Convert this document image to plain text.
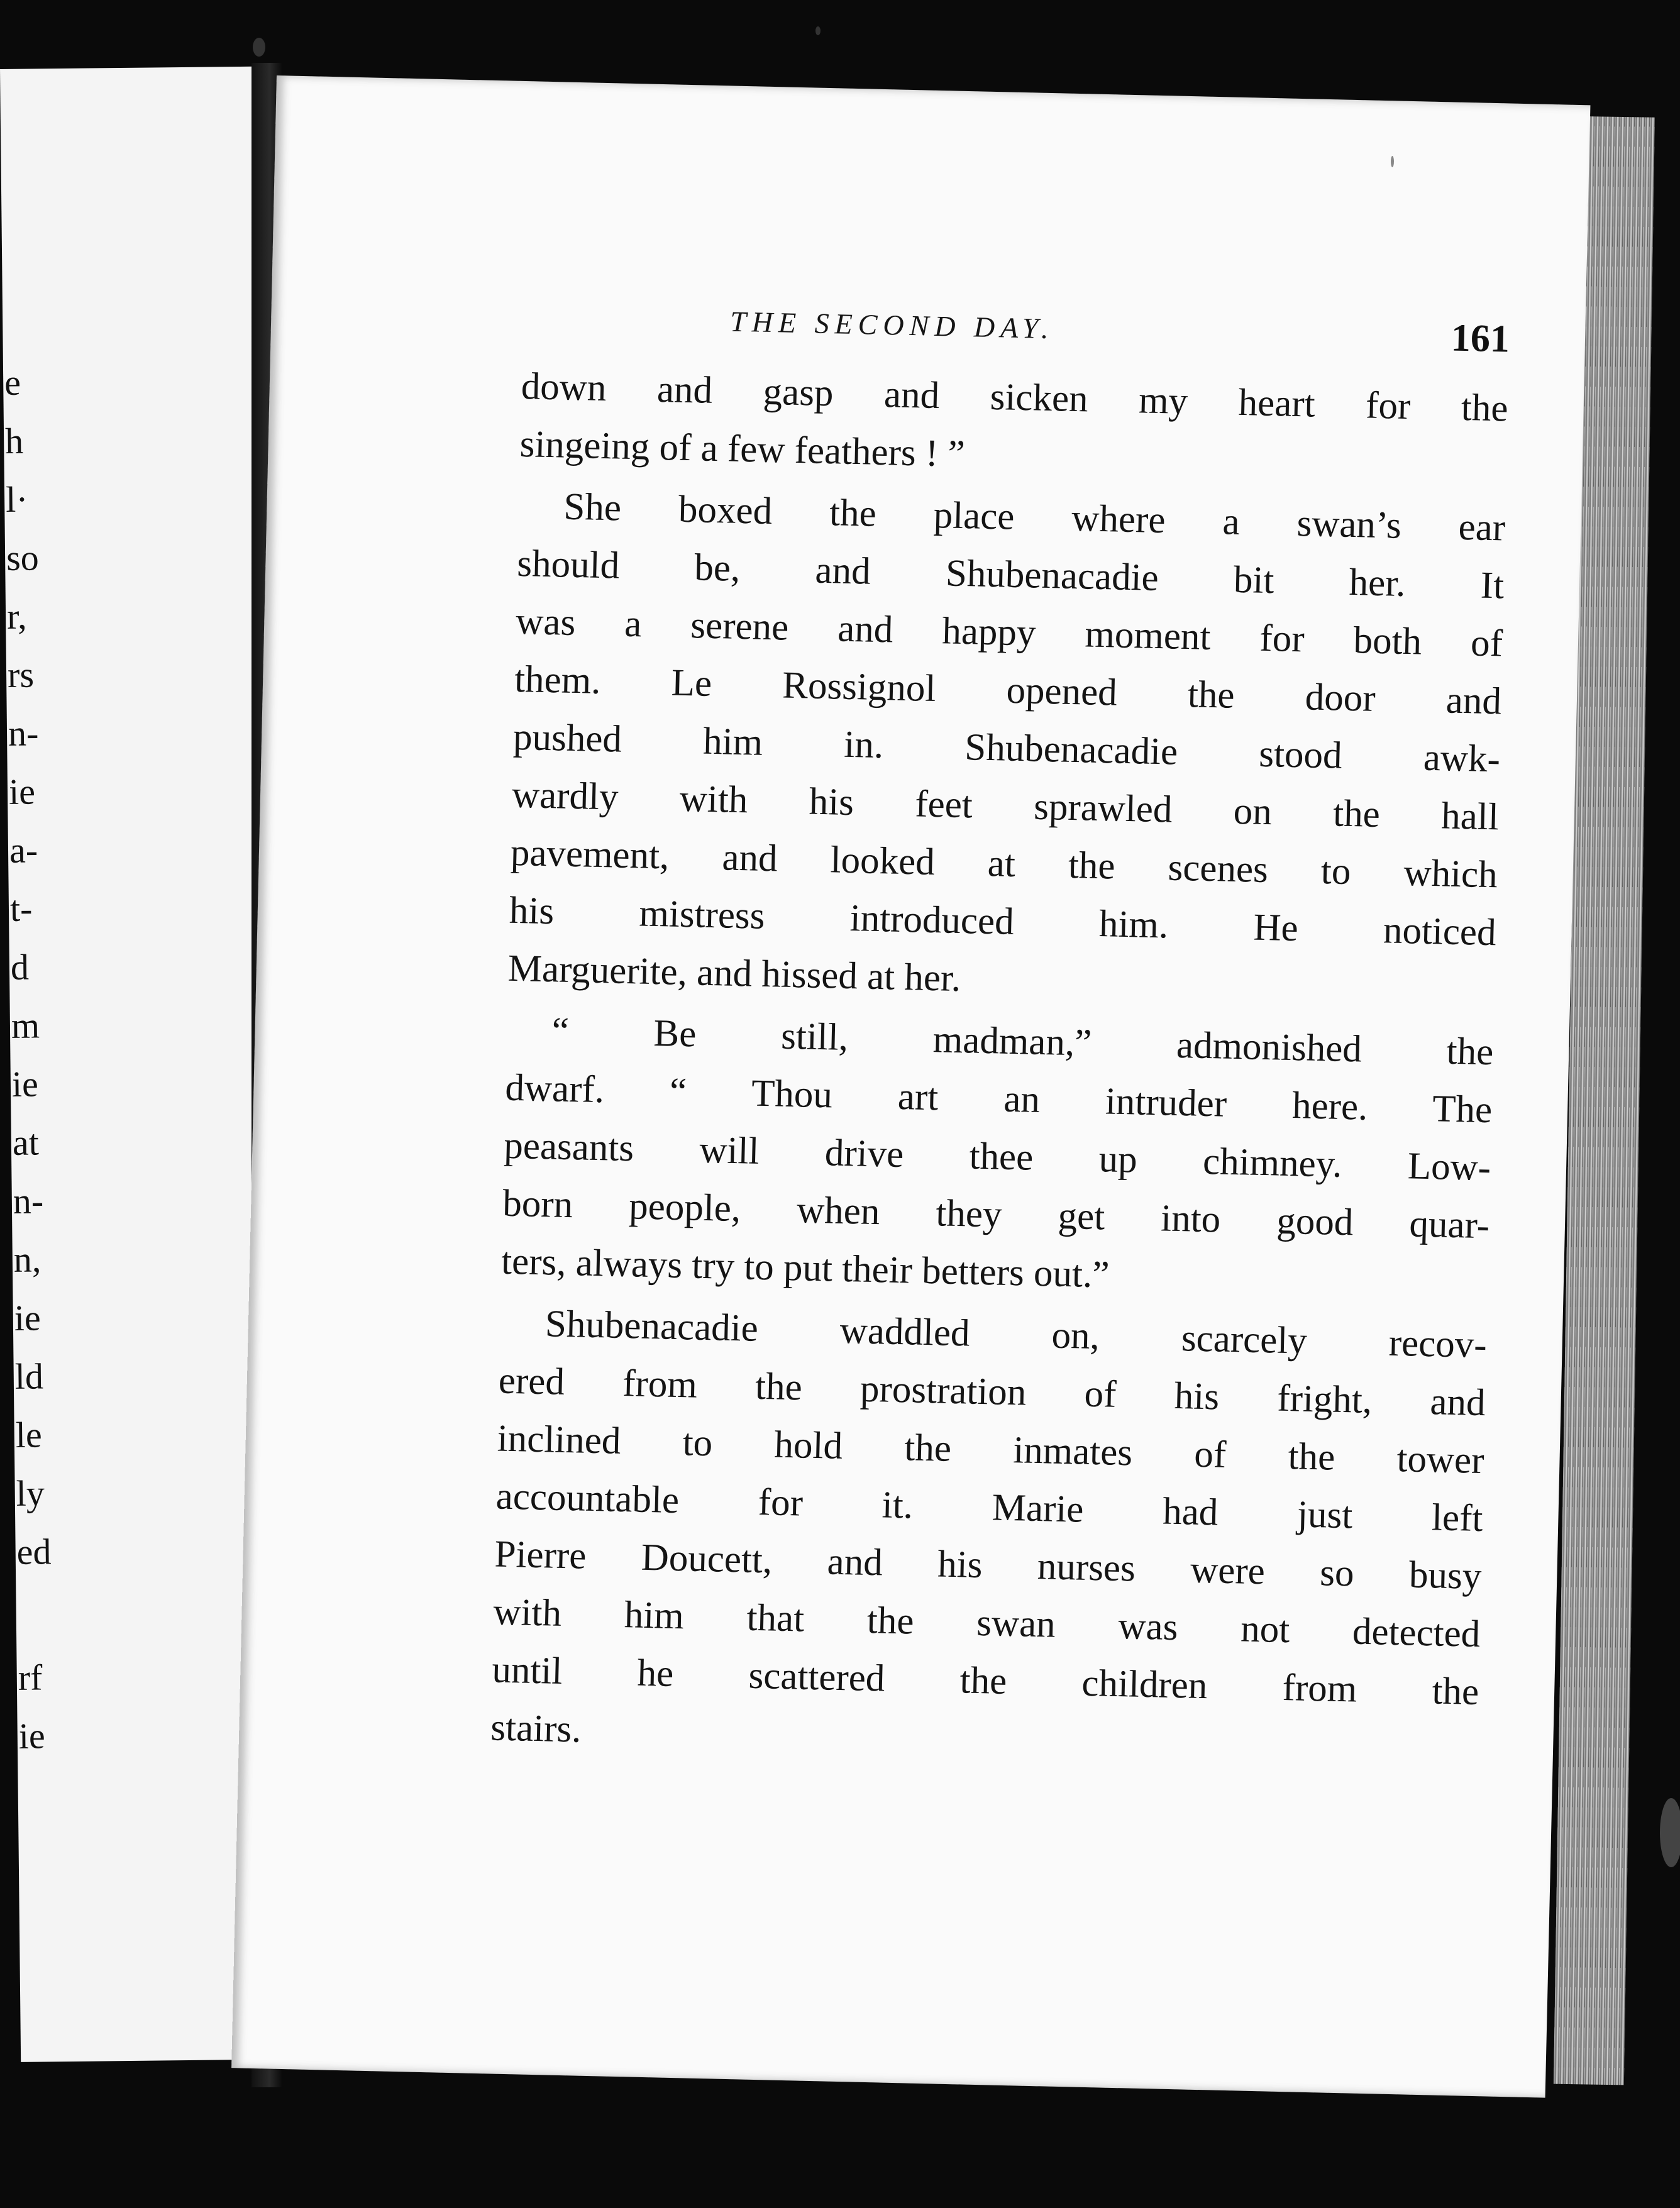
e
h
l·
so
r,
rs
n-
ie
a-
t-
d
m
ie
at
n-
n,
ie
ld
le
ly
ed
rf
ie
THE SECOND DAY.	161
down and gasp and sicken my heart for the
singeing of a few feathers ! ”
She boxed the place where a swan’s ear
should be, and Shubenacadie bit her. It
was a serene and happy moment for both of
them. Le Rossignol opened the door and
pushed him in. Shubenacadie stood awk-
wardly with his feet sprawled on the hall
pavement, and looked at the scenes to which
his mistress introduced him. He noticed
Marguerite, and hissed at her.
“ Be still, madman,” admonished the
dwarf. “ Thou art an intruder here. The
peasants will drive thee up chimney. Low-
born people, when they get into good quar-
ters, always try to put their betters out.”
Shubenacadie waddled on, scarcely recov-
ered from the prostration of his fright, and
inclined to hold the inmates of the tower
accountable for it. Marie had just left
Pierre Doucett, and his nurses were so busy
with him that the swan was not detected
until he scattered the children from the
stairs.
